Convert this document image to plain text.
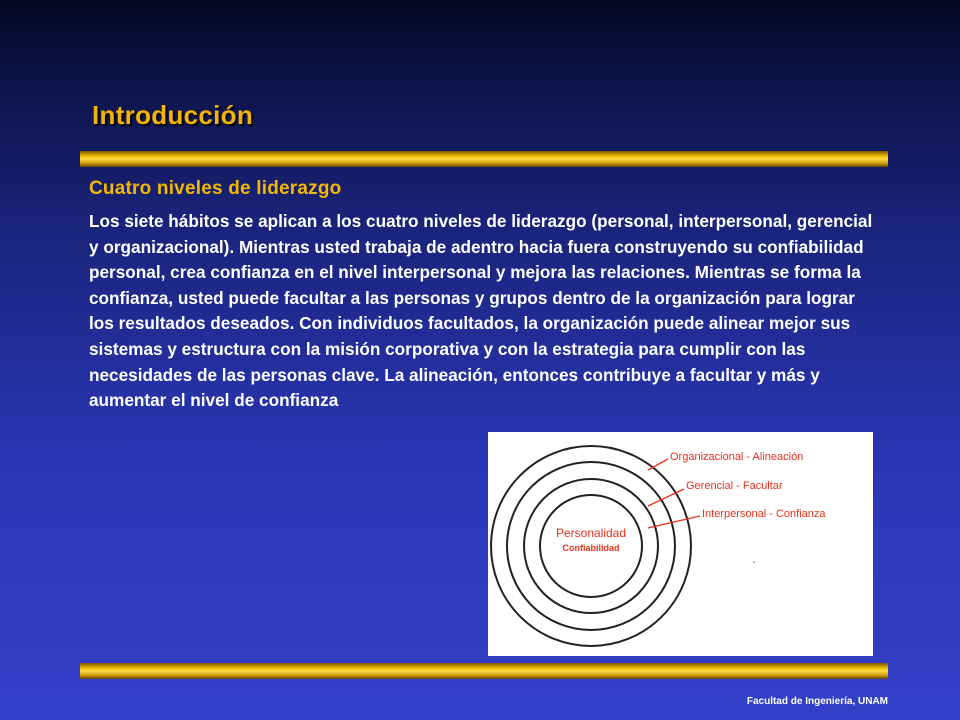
Introducción
Cuatro niveles de liderazgo

Los siete hábitos se aplican a los cuatro niveles de liderazgo (personal, interpersonal, gerencial y organizacional). Mientras usted trabaja de adentro hacia fuera construyendo su confiabilidad personal, crea confianza en el nivel interpersonal y mejora las relaciones. Mientras se forma la confianza, usted puede facultar a las personas y grupos dentro de la organización para lograr los resultados deseados. Con individuos facultados, la organización puede alinear mejor sus sistemas y estructura con la misión corporativa y con la estrategia para cumplir con las necesidades de las personas clave. La alineación, entonces contribuye a facultar y más y aumentar el nivel de confianza

Personalidad
Confiabilidad
Organizacional - Alineación
Gerencial - Facultar
Interpersonal - Confianza
Facultad de Ingeniería, UNAM
